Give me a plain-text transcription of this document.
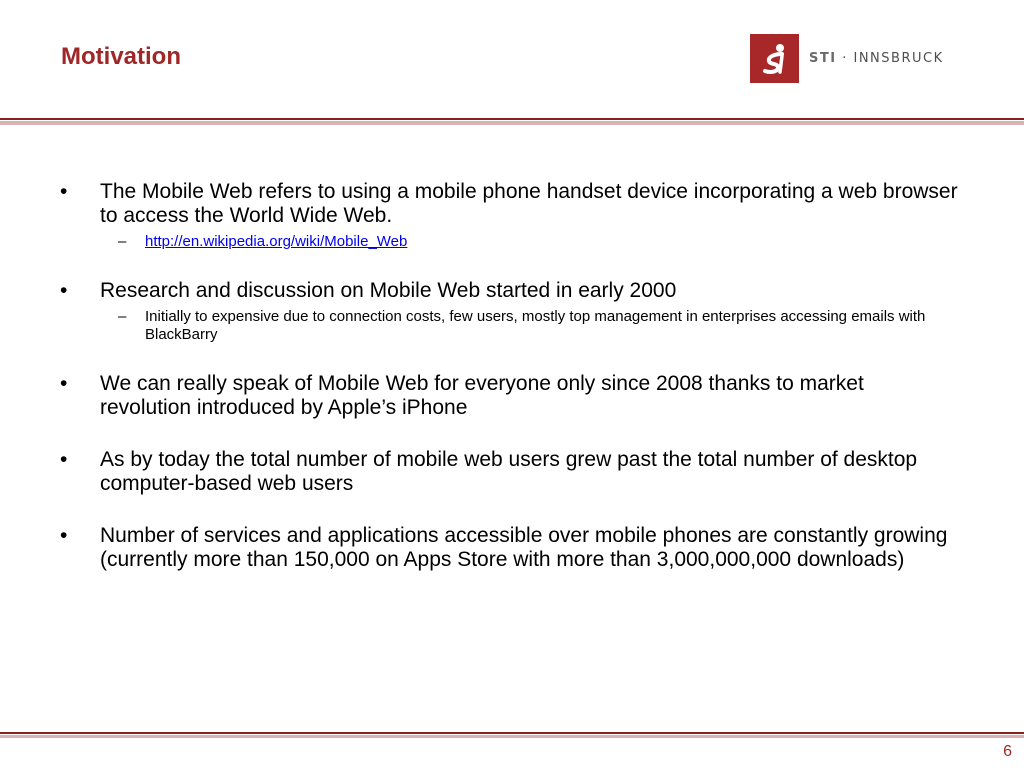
Motivation	STI · INNSBRUCK
• The Mobile Web refers to using a mobile phone handset device incorporating a web browser to access the World Wide Web.
– http://en.wikipedia.org/wiki/Mobile_Web
• Research and discussion on Mobile Web started in early 2000
– Initially to expensive due to connection costs, few users, mostly top management in enterprises accessing emails with BlackBarry
• We can really speak of Mobile Web for everyone only since 2008 thanks to market revolution introduced by Apple’s iPhone
• As by today the total number of mobile web users grew past the total number of desktop computer-based web users
• Number of services and applications accessible over mobile phones are constantly growing (currently more than 150,000 on Apps Store with more than 3,000,000,000 downloads)
6
